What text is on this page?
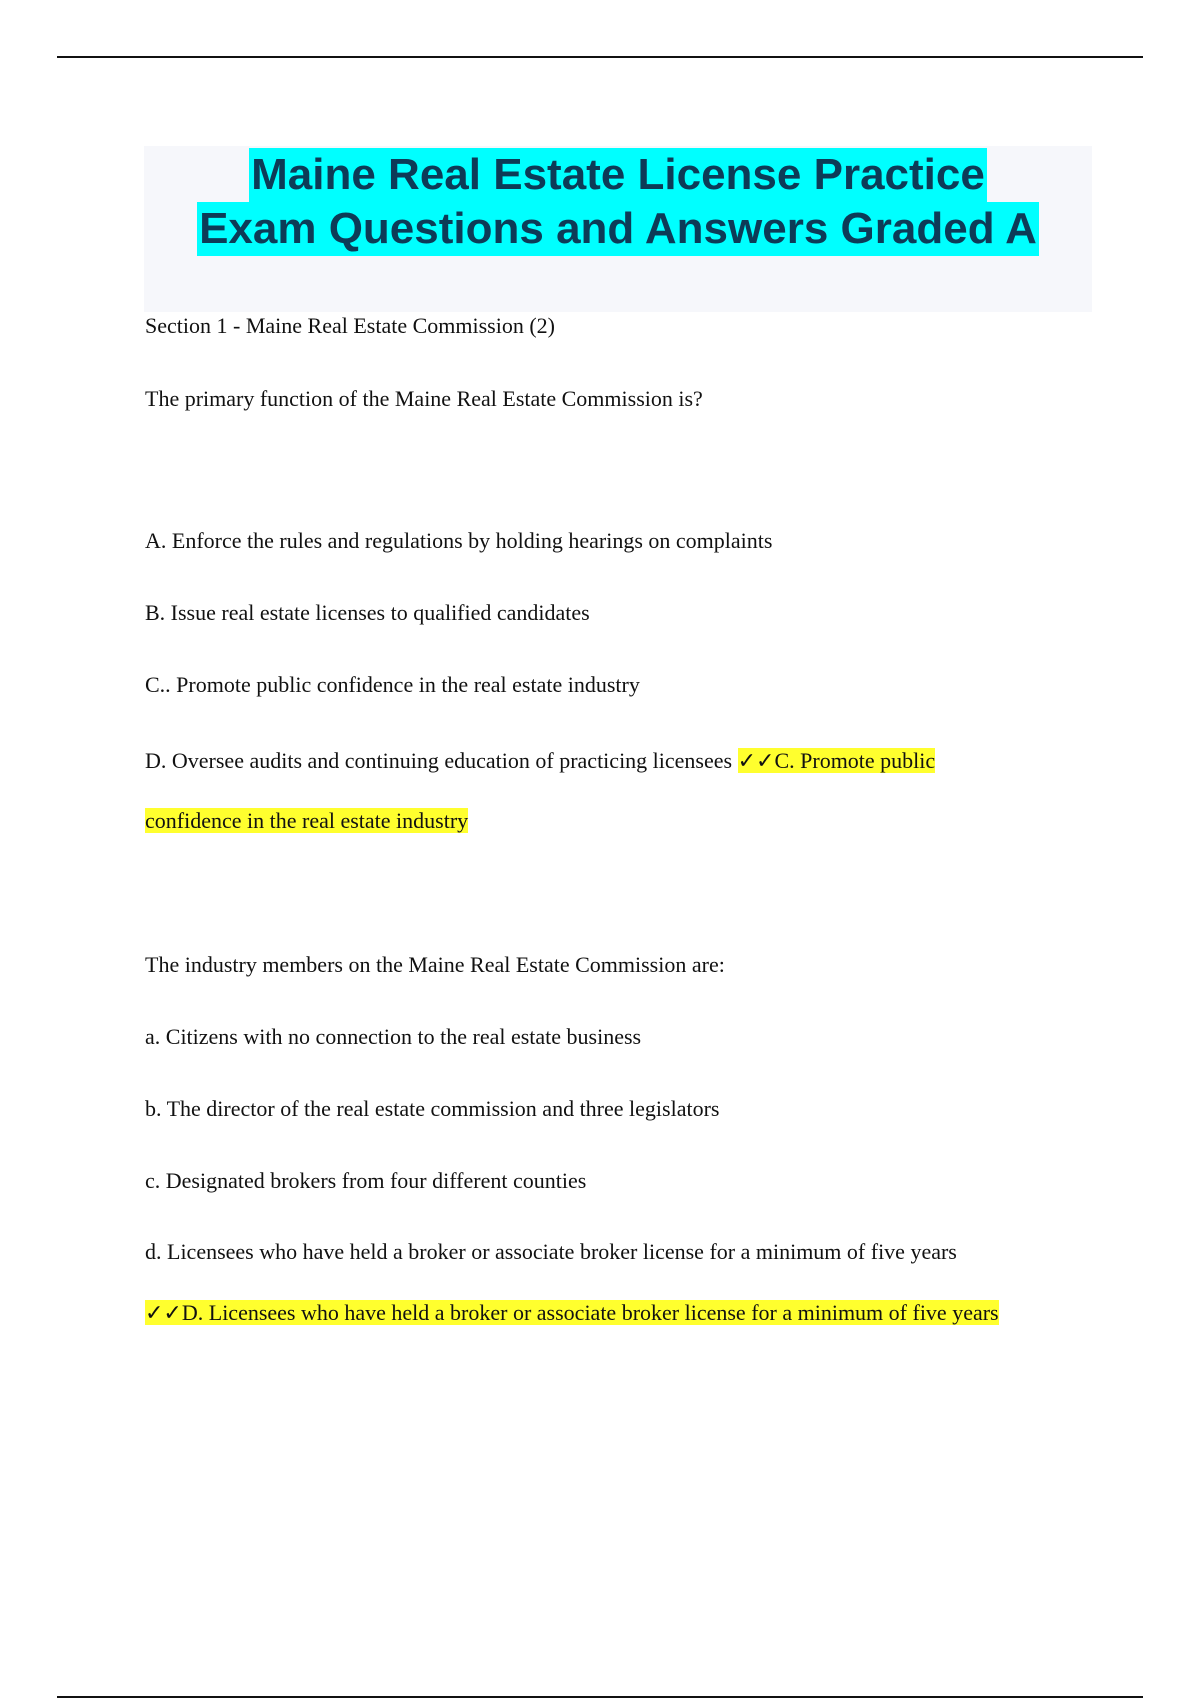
Maine Real Estate License Practice
Exam Questions and Answers Graded A

Section 1 - Maine Real Estate Commission (2)

The primary function of the Maine Real Estate Commission is?

A. Enforce the rules and regulations by holding hearings on complaints

B. Issue real estate licenses to qualified candidates

C.. Promote public confidence in the real estate industry

D. Oversee audits and continuing education of practicing licensees ✓✓C. Promote public

confidence in the real estate industry

The industry members on the Maine Real Estate Commission are:

a. Citizens with no connection to the real estate business

b. The director of the real estate commission and three legislators

c. Designated brokers from four different counties

d. Licensees who have held a broker or associate broker license for a minimum of five years

✓✓D. Licensees who have held a broker or associate broker license for a minimum of five years
